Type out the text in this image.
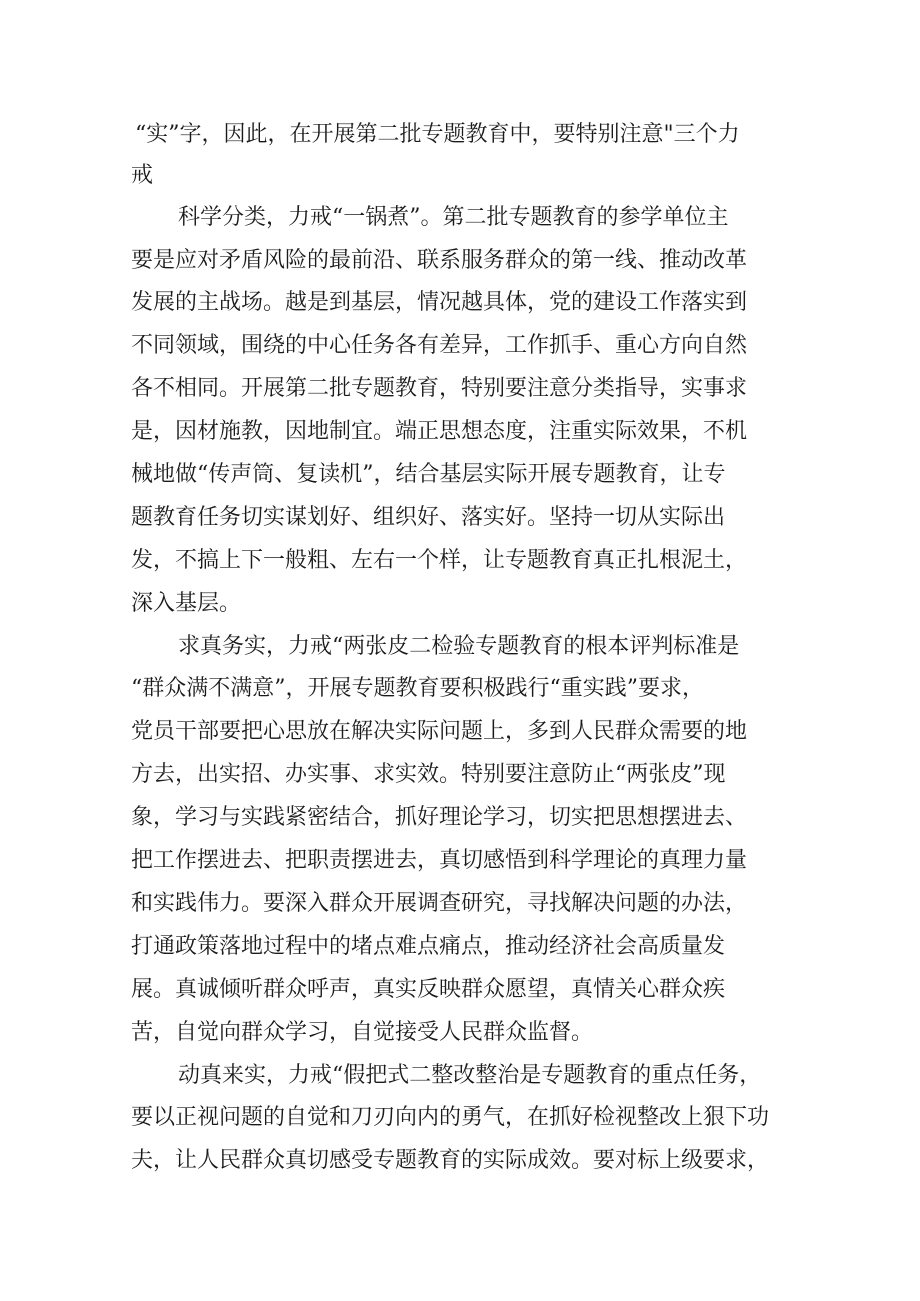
“实”字，因此，在开展第二批专题教育中，要特别注意"三个力
戒
科学分类，力戒“一锅煮”。第二批专题教育的参学单位主
要是应对矛盾风险的最前沿、联系服务群众的第一线、推动改革
发展的主战场。越是到基层，情况越具体，党的建设工作落实到
不同领域，围绕的中心任务各有差异，工作抓手、重心方向自然
各不相同。开展第二批专题教育，特别要注意分类指导，实事求
是，因材施教，因地制宜。端正思想态度，注重实际效果，不机
械地做“传声筒、复读机”，结合基层实际开展专题教育，让专
题教育任务切实谋划好、组织好、落实好。坚持一切从实际出
发，不搞上下一般粗、左右一个样，让专题教育真正扎根泥土，
深入基层。
求真务实，力戒“两张皮二检验专题教育的根本评判标准是
“群众满不满意”，开展专题教育要积极践行“重实践”要求，
党员干部要把心思放在解决实际问题上，多到人民群众需要的地
方去，出实招、办实事、求实效。特别要注意防止“两张皮”现
象，学习与实践紧密结合，抓好理论学习，切实把思想摆进去、
把工作摆进去、把职责摆进去，真切感悟到科学理论的真理力量
和实践伟力。要深入群众开展调查研究，寻找解决问题的办法，
打通政策落地过程中的堵点难点痛点，推动经济社会高质量发
展。真诚倾听群众呼声，真实反映群众愿望，真情关心群众疾
苦，自觉向群众学习，自觉接受人民群众监督。
动真来实，力戒“假把式二整改整治是专题教育的重点任务，
要以正视问题的自觉和刀刃向内的勇气，在抓好检视整改上狠下功
夫，让人民群众真切感受专题教育的实际成效。要对标上级要求，
